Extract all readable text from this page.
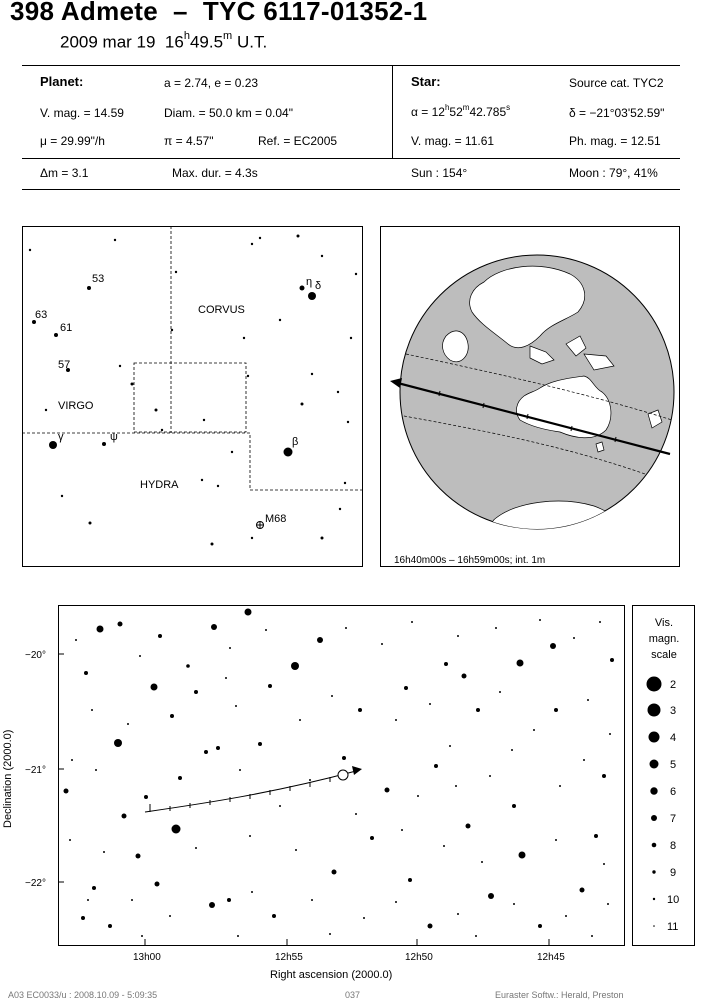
398 Admete  –  TYC 6117-01352-1
2009 mar 19 16$^h$49.5$^m$ U.T.
Planet:	a = 2.74, e = 0.23
V. mag. = 14.59	Diam. = 50.0 km = 0.04"
μ = 29.99"/h	π = 4.57"	Ref. = EC2005
Star:	Source cat. TYC2
$\alpha = 12^h52^m42.785^s$	δ = −21°03'52.59"
V. mag. = 11.61	Ph. mag. = 12.51
Δm = 3.1	Max. dur. = 4.3s	Sun : 154°	Moon : 79°, 41%
53
63
61
57
CORVUS
VIRGO
HYDRA
η δ
β
γ	ψ
M68
16h40m00s – 16h59m00s; int. 1m
−20°
−21°
−22°
13h00	12h55	12h50	12h45
Right ascension (2000.0)
Declination (2000.0)
Vis.
magn.
scale
2
3
4
5
6
7
8
9
10
11
A03 EC0033/u : 2008.10.09 - 5:09:35	037	Euraster Softw.: Herald, Preston
